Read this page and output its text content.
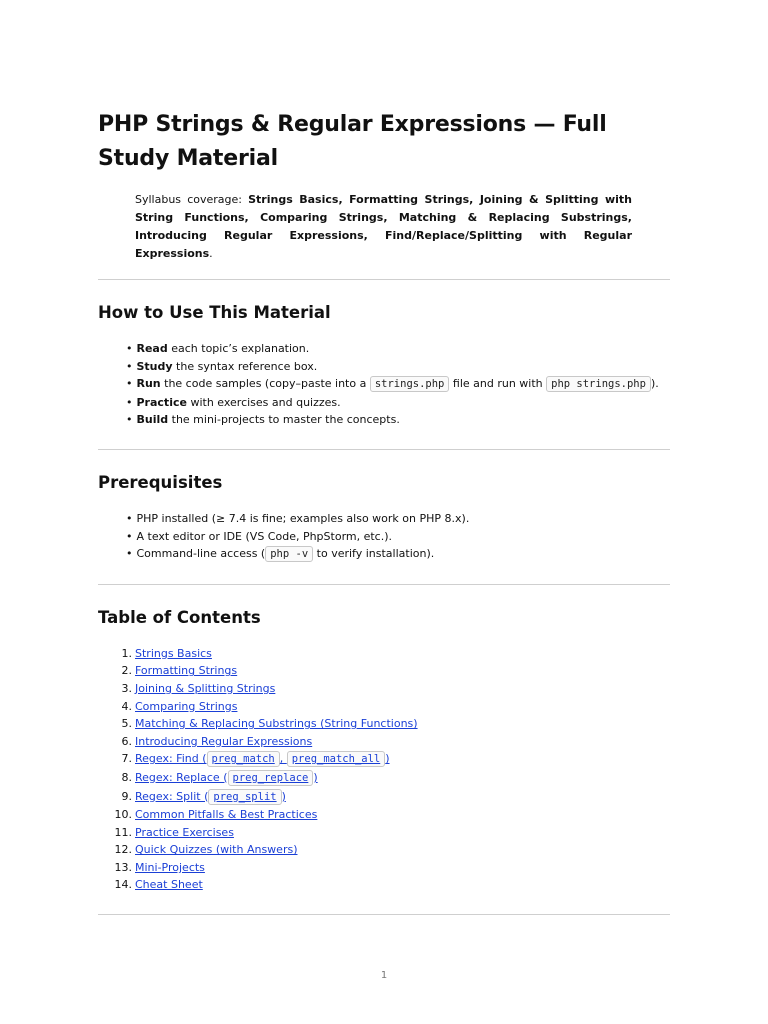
PHP Strings & Regular Expressions — Full Study Material

Syllabus coverage: Strings Basics, Formatting Strings, Joining & Splitting with String Functions, Comparing Strings, Matching & Replacing Substrings, Introducing Regular Expressions, Find/Replace/Splitting with Regular Expressions.

How to Use This Material
• Read each topic’s explanation.
• Study the syntax reference box.
• Run the code samples (copy–paste into a strings.php file and run with php strings.php ).
• Practice with exercises and quizzes.
• Build the mini-projects to master the concepts.
Prerequisites
• PHP installed (≥ 7.4 is fine; examples also work on PHP 8.x).
• A text editor or IDE (VS Code, PhpStorm, etc.).
• Command-line access ( php -v to verify installation).
Table of Contents
Strings Basics
Formatting Strings
Joining & Splitting Strings
Comparing Strings
Matching & Replacing Substrings (String Functions)
Introducing Regular Expressions
Regex: Find ( preg_match , preg_match_all )
Regex: Replace ( preg_replace )
Regex: Split ( preg_split )
Common Pitfalls & Best Practices
Practice Exercises
Quick Quizzes (with Answers)
Mini-Projects
Cheat Sheet
1
